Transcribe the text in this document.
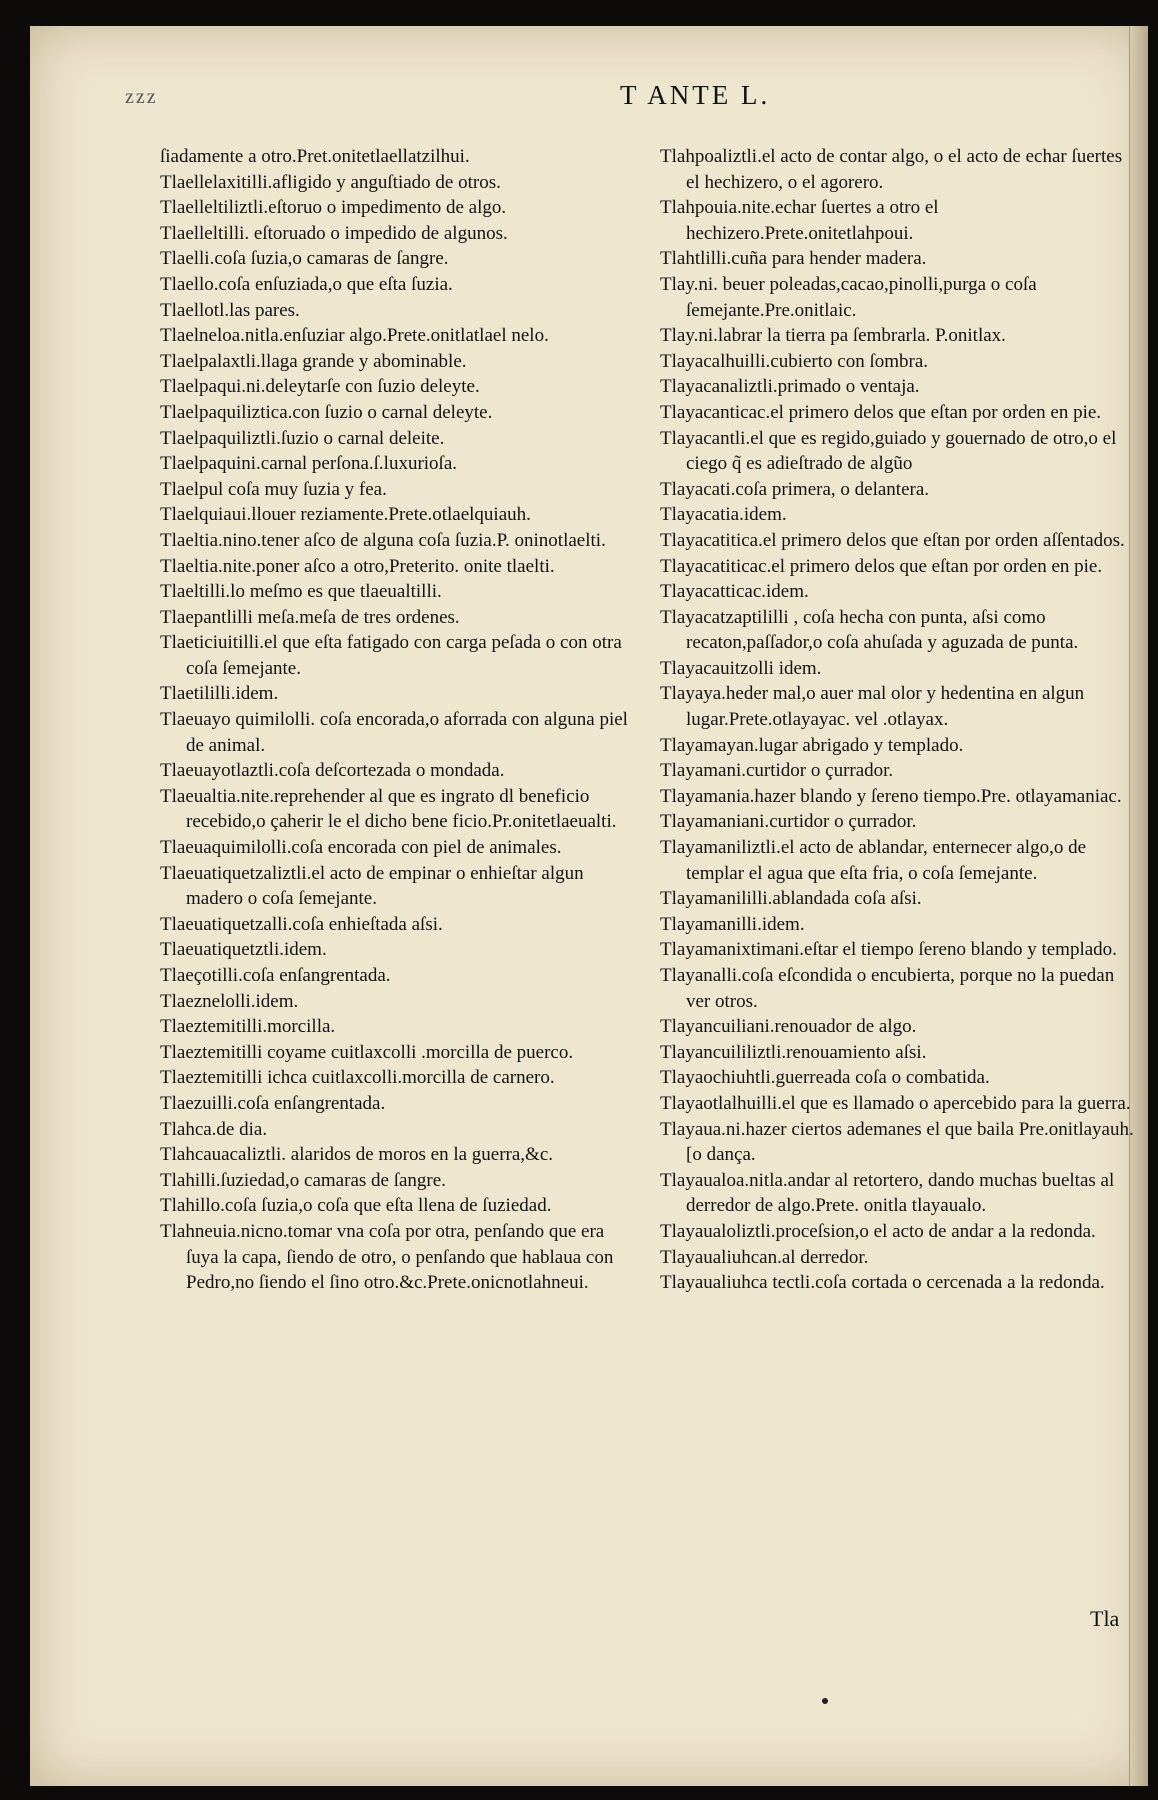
zzz	T ANTE L.

ſiadamente a otro.Pret.onitetlaellatzilhui.

Tlaellelaxitilli.afligido y anguſtiado de otros.

Tlaelleltiliztli.eſtoruo o impedimento de algo.

Tlaelleltilli. eſtoruado o impedido de algunos.

Tlaelli.coſa ſuzia,o camaras de ſangre.

Tlaello.coſa enſuziada,o que eſta ſuzia.

Tlaellotl.las pares.

Tlaelneloa.nitla.enſuziar algo.Prete.onitlatlael nelo.

Tlaelpalaxtli.llaga grande y abominable.

Tlaelpaqui.ni.deleytarſe con ſuzio deleyte.

Tlaelpaquiliztica.con ſuzio o carnal deleyte.

Tlaelpaquiliztli.ſuzio o carnal deleite.

Tlaelpaquini.carnal perſona.ſ.luxurioſa.

Tlaelpul coſa muy ſuzia y fea.

Tlaelquiaui.llouer reziamente.Prete.otlaelquiauh.

Tlaeltia.nino.tener aſco de alguna coſa ſuzia.P. oninotlaelti.

Tlaeltia.nite.poner aſco a otro,Preterito. onite tlaelti.

Tlaeltilli.lo meſmo es que tlaeualtilli.

Tlaepantlilli meſa.meſa de tres ordenes.

Tlaeticiuitilli.el que eſta fatigado con carga peſada o con otra coſa ſemejante.

Tlaetililli.idem.

Tlaeuayo quimilolli. coſa encorada,o aforrada con alguna piel de animal.

Tlaeuayotlaztli.coſa deſcortezada o mondada.

Tlaeualtia.nite.reprehender al que es ingrato dl beneficio recebido,o çaherir le el dicho bene ficio.Pr.onitetlaeualti.

Tlaeuaquimilolli.coſa encorada con piel de animales.

Tlaeuatiquetzaliztli.el acto de empinar o enhieſtar algun madero o coſa ſemejante.

Tlaeuatiquetzalli.coſa enhieſtada aſsi.

Tlaeuatiquetztli.idem.

Tlaeçotilli.coſa enſangrentada.

Tlaeznelolli.idem.

Tlaeztemitilli.morcilla.

Tlaeztemitilli coyame cuitlaxcolli .morcilla de puerco.

Tlaeztemitilli ichca cuitlaxcolli.morcilla de carnero.

Tlaezuilli.coſa enſangrentada.

Tlahca.de dia.

Tlahcauacaliztli. alaridos de moros en la guerra,&c.

Tlahilli.ſuziedad,o camaras de ſangre.

Tlahillo.coſa ſuzia,o coſa que eſta llena de ſuziedad.

Tlahneuia.nicno.tomar vna coſa por otra, penſando que era ſuya la capa, ſiendo de otro, o penſando que hablaua con Pedro,no ſiendo el ſino otro.&c.Prete.onicnotlahneui.

Tlahpoaliztli.el acto de contar algo, o el acto de echar ſuertes el hechizero, o el agorero.

Tlahpouia.nite.echar ſuertes a otro el hechizero.Prete.onitetlahpoui.

Tlahtlilli.cuña para hender madera.

Tlay.ni. beuer poleadas,cacao,pinolli,purga o coſa ſemejante.Pre.onitlaic.

Tlay.ni.labrar la tierra pa ſembrarla. P.onitlax.

Tlayacalhuilli.cubierto con ſombra.

Tlayacanaliztli.primado o ventaja.

Tlayacanticac.el primero delos que eſtan por orden en pie.

Tlayacantli.el que es regido,guiado y gouernado de otro,o el ciego q̃ es adieſtrado de algũo

Tlayacati.coſa primera, o delantera.

Tlayacatia.idem.

Tlayacatitica.el primero delos que eſtan por orden aſſentados.

Tlayacatiticac.el primero delos que eſtan por orden en pie.

Tlayacatticac.idem.

Tlayacatzaptililli , coſa hecha con punta, aſsi como recaton,paſſador,o coſa ahuſada y aguzada de punta.

Tlayacauitzolli idem.

Tlayaya.heder mal,o auer mal olor y hedentina en algun lugar.Prete.otlayayac. vel .otlayax.

Tlayamayan.lugar abrigado y templado.

Tlayamani.curtidor o çurrador.

Tlayamania.hazer blando y ſereno tiempo.Pre. otlayamaniac.

Tlayamaniani.curtidor o çurrador.

Tlayamaniliztli.el acto de ablandar, enternecer algo,o de templar el agua que eſta fria, o coſa ſemejante.

Tlayamanililli.ablandada coſa aſsi.

Tlayamanilli.idem.

Tlayamanixtimani.eſtar el tiempo ſereno blando y templado.

Tlayanalli.coſa eſcondida o encubierta, porque no la puedan ver otros.

Tlayancuiliani.renouador de algo.

Tlayancuililiztli.renouamiento aſsi.

Tlayaochiuhtli.guerreada coſa o combatida.

Tlayaotlalhuilli.el que es llamado o apercebido para la guerra.

Tlayaua.ni.hazer ciertos ademanes el que baila Pre.onitlayauh. [o dança.

Tlayaualoa.nitla.andar al retortero, dando muchas bueltas al derredor de algo.Prete. onitla tlayaualo.

Tlayaualoliztli.proceſsion,o el acto de andar a la redonda.

Tlayaualiuhcan.al derredor.

Tlayaualiuhca tectli.coſa cortada o cercenada a la redonda.

Tla
